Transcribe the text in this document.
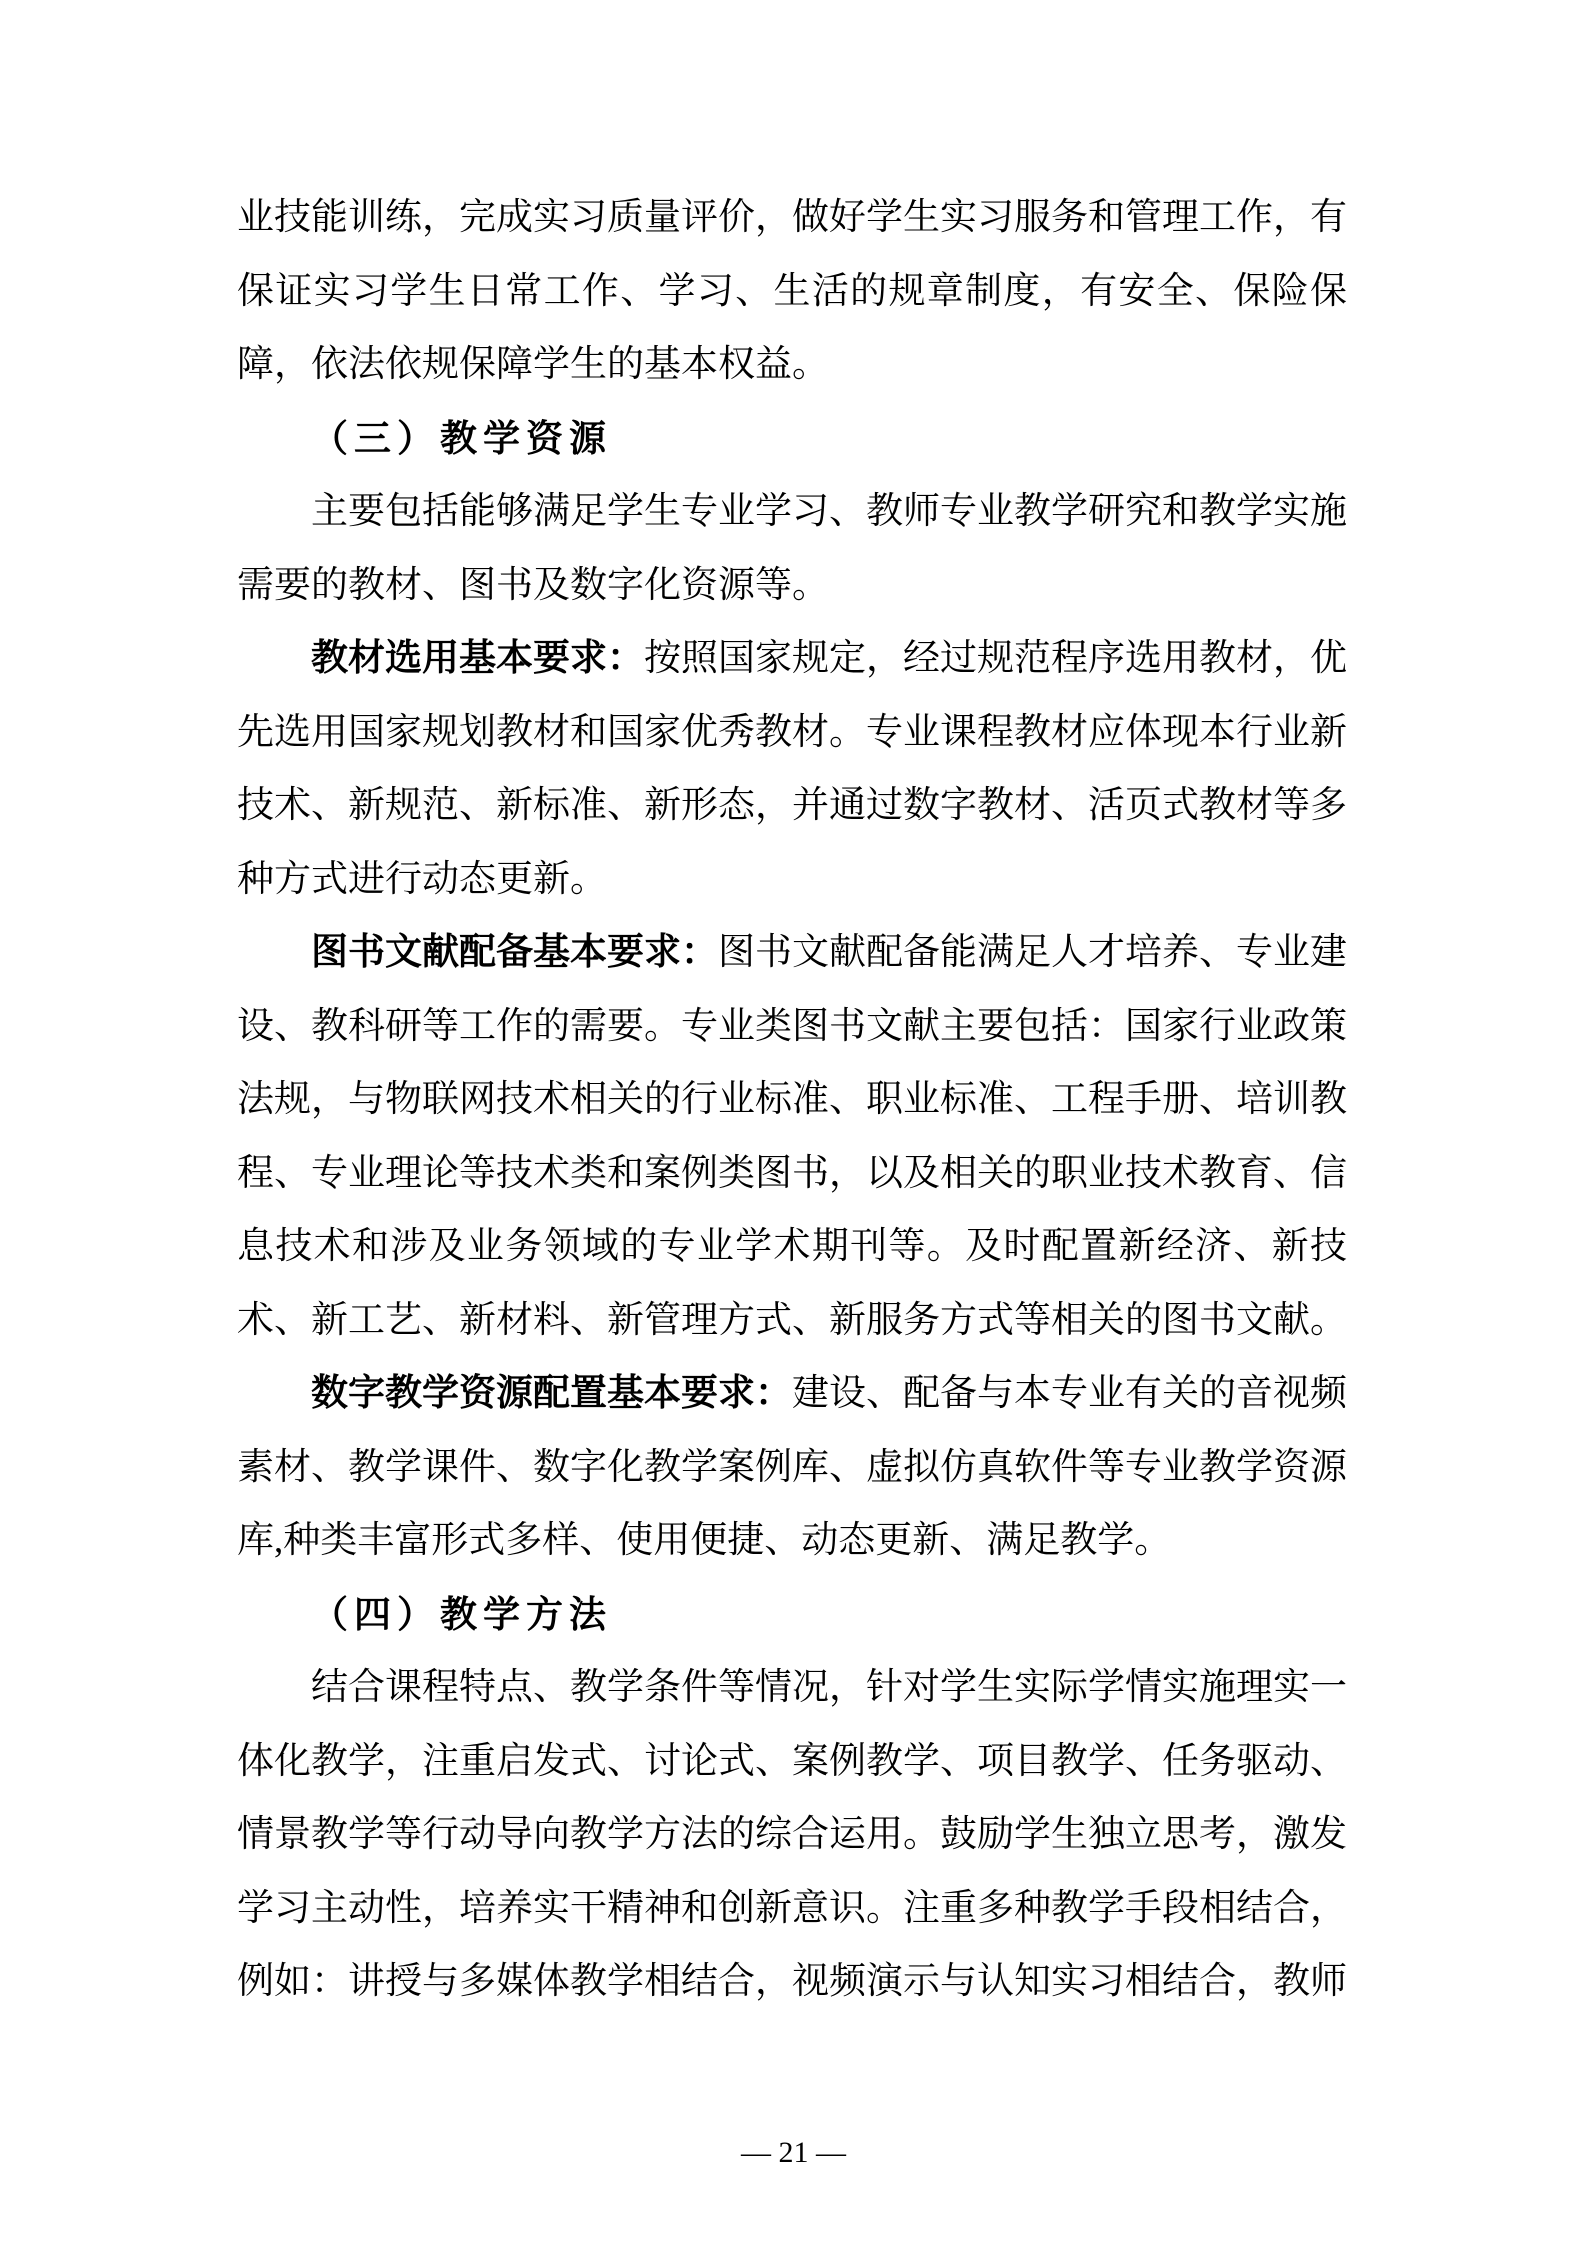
业技能训练，完成实习质量评价，做好学生实习服务和管理工作，有保证实习学生日常工作、学习、生活的规章制度，有安全、保险保障，依法依规保障学生的基本权益。

（三）教学资源

主要包括能够满足学生专业学习、教师专业教学研究和教学实施需要的教材、图书及数字化资源等。

教材选用基本要求：按照国家规定，经过规范程序选用教材，优先选用国家规划教材和国家优秀教材。专业课程教材应体现本行业新技术、新规范、新标准、新形态，并通过数字教材、活页式教材等多种方式进行动态更新。

图书文献配备基本要求：图书文献配备能满足人才培养、专业建设、教科研等工作的需要。专业类图书文献主要包括：国家行业政策法规，与物联网技术相关的行业标准、职业标准、工程手册、培训教程、专业理论等技术类和案例类图书，以及相关的职业技术教育、信息技术和涉及业务领域的专业学术期刊等。及时配置新经济、新技术、新工艺、新材料、新管理方式、新服务方式等相关的图书文献。

数字教学资源配置基本要求：建设、配备与本专业有关的音视频素材、教学课件、数字化教学案例库、虚拟仿真软件等专业教学资源库,种类丰富形式多样、使用便捷、动态更新、满足教学。

（四）教学方法

结合课程特点、教学条件等情况，针对学生实际学情实施理实一体化教学，注重启发式、讨论式、案例教学、项目教学、任务驱动、情景教学等行动导向教学方法的综合运用。鼓励学生独立思考，激发学习主动性，培养实干精神和创新意识。注重多种教学手段相结合，例如：讲授与多媒体教学相结合，视频演示与认知实习相结合，教师

— 21 —
